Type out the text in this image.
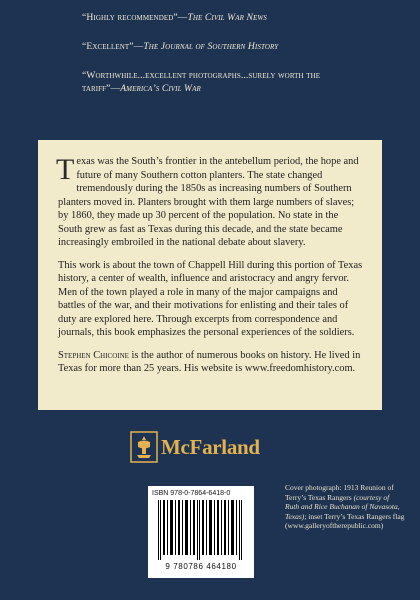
“Highly recommended”—The Civil War News
“Excellent”—The Journal of Southern History
“Worthwhile...excellent photographs...surely worth the tariff”—America’s Civil War

Texas was the South’s frontier in the antebellum period, the hope and future of many Southern cotton planters. The state changed tremendously during the 1850s as increasing numbers of Southern planters moved in. Planters brought with them large numbers of slaves; by 1860, they made up 30 percent of the population. No state in the South grew as fast as Texas during this decade, and the state became increasingly embroiled in the national debate about slavery.

This work is about the town of Chappell Hill during this portion of Texas history, a center of wealth, influence and aristocracy and angry fervor. Men of the town played a role in many of the major campaigns and battles of the war, and their motivations for enlisting and their tales of duty are explored here. Through excerpts from correspondence and journals, this book emphasizes the personal experiences of the soldiers.

Stephen Chicoine is the author of numerous books on history. He lived in Texas for more than 25 years. His website is www.freedomhistory.com.

McFarland
ISBN 978-0-7864-6418-0
9 780786 464180
Cover photograph: 1913 Reunion of Terry’s Texas Rangers (courtesy of Ruth and Rice Buchanan of Navasota, Texas); inset Terry’s Texas Rangers flag (www.galleryoftherepublic.com)
